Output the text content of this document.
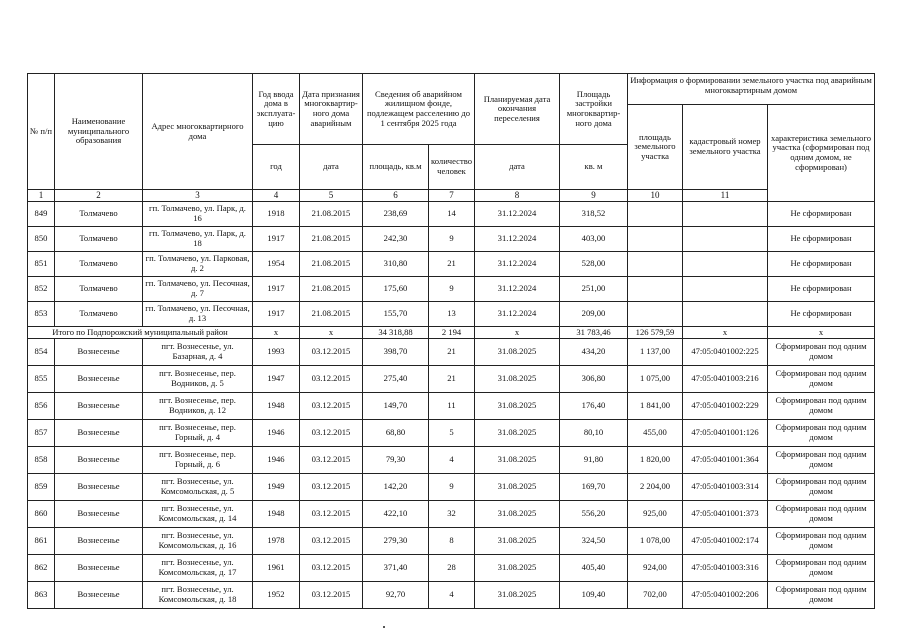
№ п/п	Наименование муниципального образования	Адрес многоквартирного дома	Год ввода дома в эксплуата-цию	Дата признания многоквартир-ного дома аварийным	Сведения об аварийном жилищном фонде, подлежащем расселению до 1 сентября 2025 года		Планируемая дата окончания переселения	Площадь застройки многоквартир-ного дома	Информация о формировании земельного участка под аварийным многоквартирным домом			

									площадь земельного участка	кадастровый номер земельного участка	характеристика земельного участка (сформирован под одним домом, не сформирован)	
			год	дата	площадь, кв.м	количество человек	дата	кв. м	
1	2	3	4	5	6	7	8	9	10	11	
849	Толмачево	гп. Толмачево, ул. Парк, д. 16	1918	21.08.2015	238,69	14	31.12.2024	318,52			Не сформирован	
850	Толмачево	гп. Толмачево, ул. Парк, д. 18	1917	21.08.2015	242,30	9	31.12.2024	403,00			Не сформирован	
851	Толмачево	гп. Толмачево, ул. Парковая, д. 2	1954	21.08.2015	310,80	21	31.12.2024	528,00			Не сформирован	
852	Толмачево	гп. Толмачево, ул. Песочная, д. 7	1917	21.08.2015	175,60	9	31.12.2024	251,00			Не сформирован	
853	Толмачево	гп. Толмачево, ул. Песочная, д. 13	1917	21.08.2015	155,70	13	31.12.2024	209,00			Не сформирован	
Итого по Подпорожский муниципальный район			x	x	34 318,88	2 194	x	31 783,46	126 579,59	x	x	
854	Вознесенье	пгт. Вознесенье, ул. Базарная, д. 4	1993	03.12.2015	398,70	21	31.08.2025	434,20	1 137,00	47:05:0401002:225	Сформирован под одним домом	
855	Вознесенье	пгт. Вознесенье, пер. Водников, д. 5	1947	03.12.2015	275,40	21	31.08.2025	306,80	1 075,00	47:05:0401003:216	Сформирован под одним домом	
856	Вознесенье	пгт. Вознесенье, пер. Водников, д. 12	1948	03.12.2015	149,70	11	31.08.2025	176,40	1 841,00	47:05:0401002:229	Сформирован под одним домом	
857	Вознесенье	пгт. Вознесенье, пер. Горный, д. 4	1946	03.12.2015	68,80	5	31.08.2025	80,10	455,00	47:05:0401001:126	Сформирован под одним домом	
858	Вознесенье	пгт. Вознесенье, пер. Горный, д. 6	1946	03.12.2015	79,30	4	31.08.2025	91,80	1 820,00	47:05:0401001:364	Сформирован под одним домом	
859	Вознесенье	пгт. Вознесенье, ул. Комсомольская, д. 5	1949	03.12.2015	142,20	9	31.08.2025	169,70	2 204,00	47:05:0401003:314	Сформирован под одним домом	
860	Вознесенье	пгт. Вознесенье, ул. Комсомольская, д. 14	1948	03.12.2015	422,10	32	31.08.2025	556,20	925,00	47:05:0401001:373	Сформирован под одним домом	
861	Вознесенье	пгт. Вознесенье, ул. Комсомольская, д. 16	1978	03.12.2015	279,30	8	31.08.2025	324,50	1 078,00	47:05:0401002:174	Сформирован под одним домом	
862	Вознесенье	пгт. Вознесенье, ул. Комсомольская, д. 17	1961	03.12.2015	371,40	28	31.08.2025	405,40	924,00	47:05:0401003:316	Сформирован под одним домом	
863	Вознесенье	пгт. Вознесенье, ул. Комсомольская, д. 18	1952	03.12.2015	92,70	4	31.08.2025	109,40	702,00	47:05:0401002:206	Сформирован под одним домом	
